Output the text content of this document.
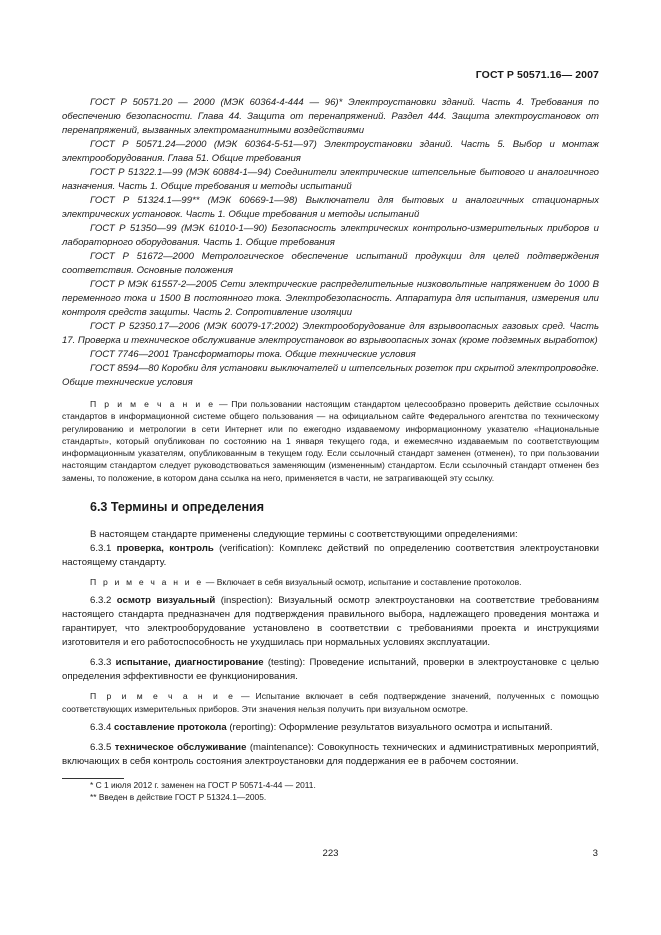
ГОСТ Р 50571.16— 2007

ГОСТ Р 50571.20 — 2000 (МЭК 60364-4-444 — 96)* Электроустановки зданий. Часть 4. Требования по обеспечению безопасности. Глава 44. Защита от перенапряжений. Раздел 444. Защита электроустановок от перенапряжений, вызванных электромагнитными воздействиями

ГОСТ Р 50571.24—2000 (МЭК 60364-5-51—97) Электроустановки зданий. Часть 5. Выбор и монтаж электрооборудования. Глава 51. Общие требования

ГОСТ Р 51322.1—99 (МЭК 60884-1—94) Соединители электрические штепсельные бытового и аналогичного назначения. Часть 1. Общие требования и методы испытаний

ГОСТ Р 51324.1—99** (МЭК 60669-1—98) Выключатели для бытовых и аналогичных стационарных электрических установок. Часть 1. Общие требования и методы испытаний

ГОСТ Р 51350—99 (МЭК 61010-1—90) Безопасность электрических контрольно-измерительных приборов и лабораторного оборудования. Часть 1. Общие требования

ГОСТ Р 51672—2000 Метрологическое обеспечение испытаний продукции для целей подтверждения соответствия. Основные положения

ГОСТ Р МЭК 61557-2—2005 Сети электрические распределительные низковольтные напряжением до 1000 В переменного тока и 1500 В постоянного тока. Электробезопасность. Аппаратура для испытания, измерения или контроля средств защиты. Часть 2. Сопротивление изоляции

ГОСТ Р 52350.17—2006 (МЭК 60079-17:2002) Электрооборудование для взрывоопасных газовых сред. Часть 17. Проверка и техническое обслуживание электроустановок во взрывоопасных зонах (кроме подземных выработок)

ГОСТ 7746—2001 Трансформаторы тока. Общие технические условия

ГОСТ 8594—80 Коробки для установки выключателей и штепсельных розеток при скрытой электропроводке. Общие технические условия

П р и м е ч а н и е — При пользовании настоящим стандартом целесообразно проверить действие ссылочных стандартов в информационной системе общего пользования — на официальном сайте Федерального агентства по техническому регулированию и метрологии в сети Интернет или по ежегодно издаваемому информационному указателю «Национальные стандарты», который опубликован по состоянию на 1 января текущего года, и ежемесячно издаваемым по соответствующим информационным указателям, опубликованным в текущем году. Если ссылочный стандарт заменен (отменен), то при пользовании настоящим стандартом следует руководствоваться заменяющим (измененным) стандартом. Если ссылочный стандарт отменен без замены, то положение, в котором дана ссылка на него, применяется в части, не затрагивающей эту ссылку.
6.3 Термины и определения

В настоящем стандарте применены следующие термины с соответствующими определениями:

6.3.1 проверка, контроль (verification): Комплекс действий по определению соответствия электроустановки настоящему стандарту.

П р и м е ч а н и е — Включает в себя визуальный осмотр, испытание и составление протоколов.

6.3.2 осмотр визуальный (inspection): Визуальный осмотр электроустановки на соответствие требованиям настоящего стандарта предназначен для подтверждения правильного выбора, надлежащего проведения монтажа и гарантирует, что электрооборудование установлено в соответствии с требованиями проекта и инструкциями изготовителя и его работоспособность не ухудшилась при нормальных условиях эксплуатации.

6.3.3 испытание, диагностирование (testing): Проведение испытаний, проверки в электроустановке с целью определения эффективности ее функционирования.

П р и м е ч а н и е — Испытание включает в себя подтверждение значений, полученных с помощью соответствующих измерительных приборов. Эти значения нельзя получить при визуальном осмотре.

6.3.4 составление протокола (reporting): Оформление результатов визуального осмотра и испытаний.

6.3.5 техническое обслуживание (maintenance): Совокупность технических и административных мероприятий, включающих в себя контроль состояния электроустановки для поддержания ее в рабочем состоянии.

* С 1 июля 2012 г. заменен на ГОСТ Р 50571-4-44 — 2011.
** Введен в действие ГОСТ Р 51324.1—2005.
223	3
